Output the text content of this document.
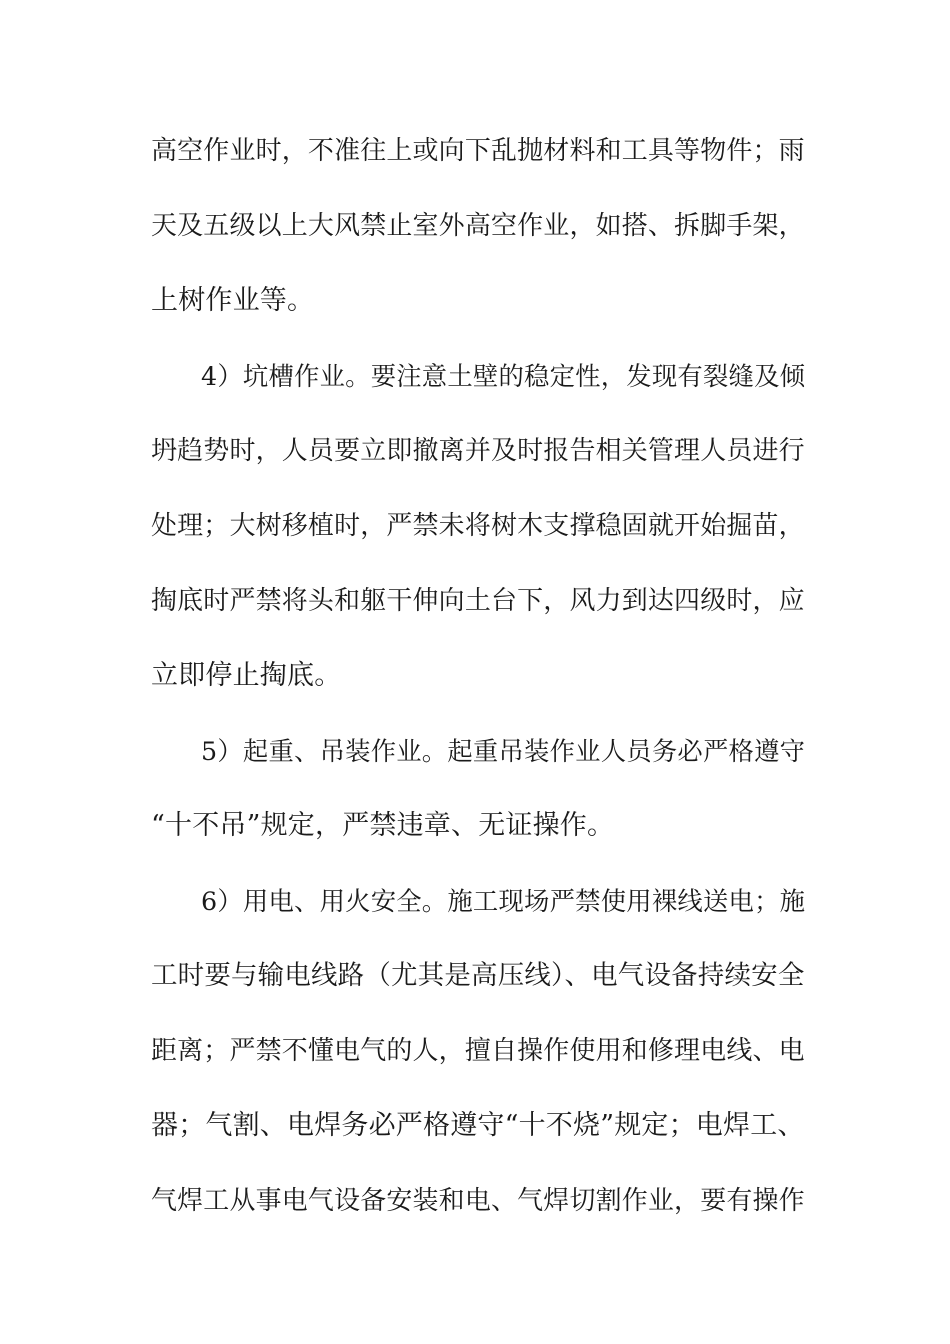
高空作业时，不准往上或向下乱抛材料和工具等物件；雨
天及五级以上大风禁止室外高空作业，如搭、拆脚手架，
上树作业等。
4）坑槽作业。要注意土壁的稳定性，发现有裂缝及倾
坍趋势时，人员要立即撤离并及时报告相关管理人员进行
处理；大树移植时，严禁未将树木支撑稳固就开始掘苗，
掏底时严禁将头和躯干伸向土台下，风力到达四级时，应
立即停止掏底。
5）起重、吊装作业。起重吊装作业人员务必严格遵守
“十不吊”规定，严禁违章、无证操作。
6）用电、用火安全。施工现场严禁使用裸线送电；施
工时要与输电线路（尤其是高压线）、电气设备持续安全
距离；严禁不懂电气的人，擅自操作使用和修理电线、电
器；气割、电焊务必严格遵守“十不烧”规定；电焊工、
气焊工从事电气设备安装和电、气焊切割作业，要有操作
